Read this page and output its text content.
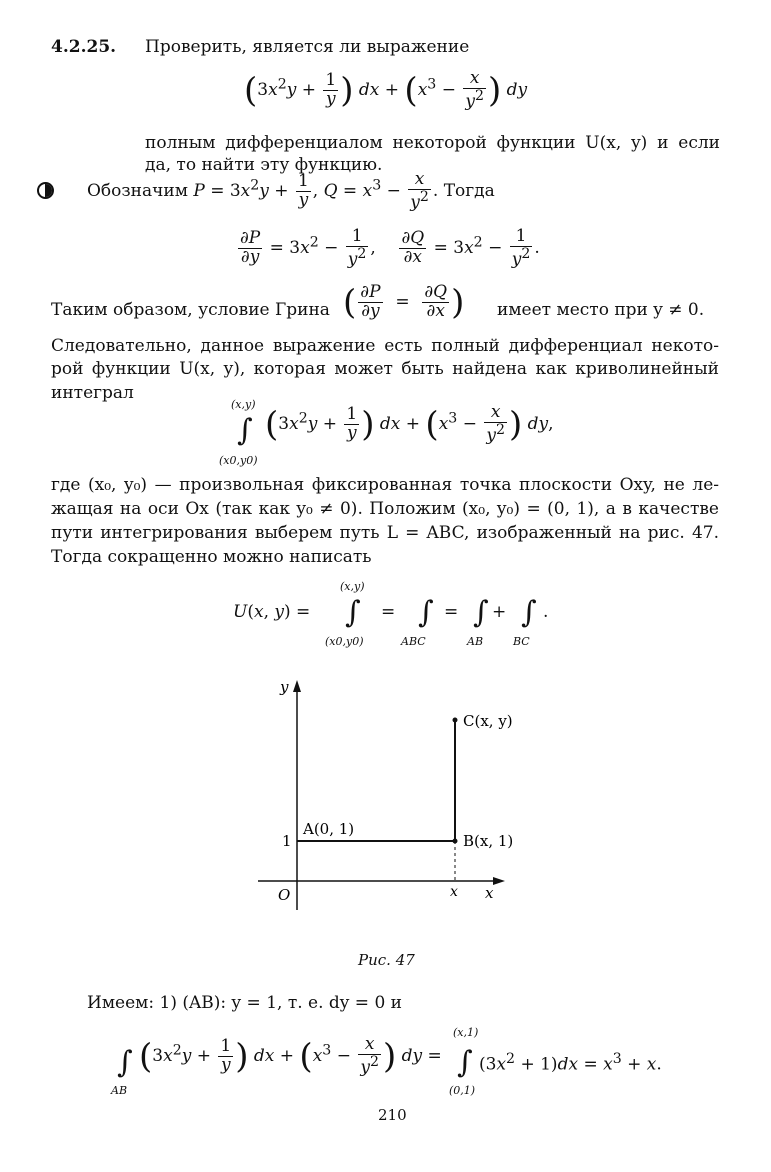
4.2.25. Проверить, является ли выражение
($3x^2y + \frac{1}{y}$ ) dx + ($x^3 - \frac{x}{y^2}$ ) dy
полным дифференциалом некоторой функции U(x, y) и если
да, то найти эту функцию.
Обозначим $P = 3x^2y + \frac{1}{y}$ , $Q = x^3 - \frac{x}{y^2}$ . Тогда
$\frac{\partial P}{\partial y} = 3x^2 - \frac{1}{y^2}$ , $\frac{\partial Q}{\partial x} = 3x^2 - \frac{1}{y^2}$ .
Таким образом, условие Грина ( $\frac{\partial P}{\partial y} = \frac{\partial Q}{\partial x}$ ) имеет место при y ≠ 0.
Следовательно, данное выражение есть полный дифференциал некото-
рой функции U(x, y), которая может быть найдена как криволинейный
интеграл
(x,y)
∫
(x0,y0)
($3x^2y + \frac{1}{y}$ ) dx + ($x^3 - \frac{x}{y^2}$ ) dy,
где (x₀, y₀) — произвольная фиксированная точка плоскости Oxy, не ле-
жащая на оси Ox (так как y₀ ≠ 0). Положим (x₀, y₀) = (0, 1), а в качестве
пути интегрирования выберем путь L = ABC, изображенный на рис. 47.
Тогда сокращенно можно написать
U(x, y) =
(x,y)
∫
(x0,y0)
= ∫
ABC
= ∫
AB
+ ∫
BC
.
y
x
O
1
x
A(0, 1)
B(x, 1)
C(x, y)
Рис. 47
Имеем: 1) (AB): y = 1, т. е. dy = 0 и
∫
AB
($3x^2y + \frac{1}{y}$ ) dx + ($x^3 - \frac{x}{y^2}$ ) dy =
(x,1)
∫
(0,1)
$(3x^2 + 1)dx = x^3 + x$.
210
